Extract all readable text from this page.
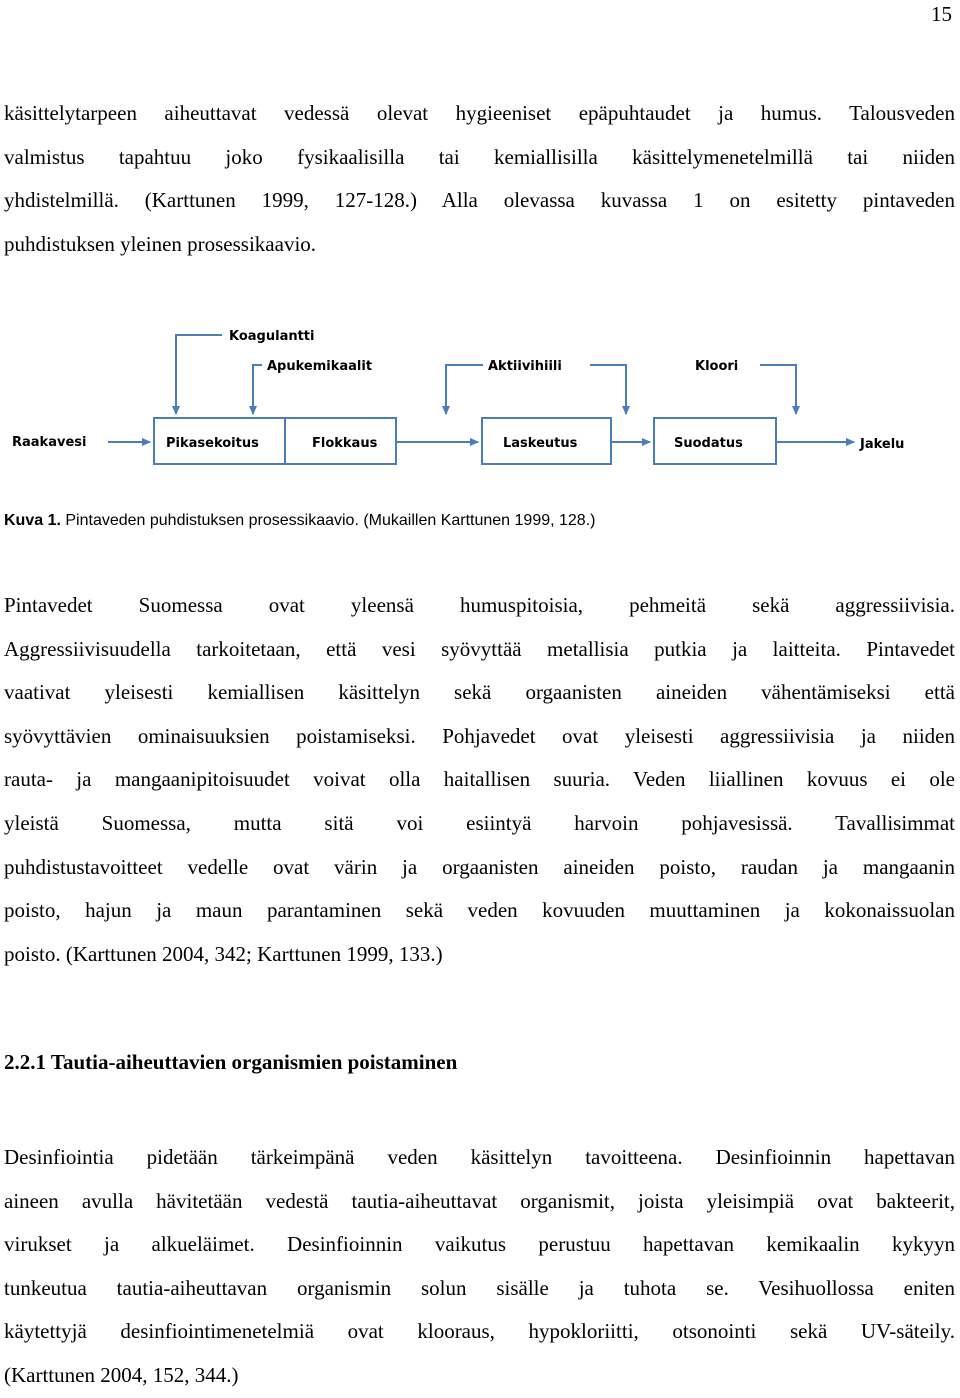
15
käsittelytarpeen aiheuttavat vedessä olevat hygieeniset epäpuhtaudet ja humus. Talousveden
valmistus tapahtuu joko fysikaalisilla tai kemiallisilla käsittelymenetelmillä tai niiden
yhdistelmillä. (Karttunen 1999, 127-128.) Alla olevassa kuvassa 1 on esitetty pintaveden
puhdistuksen yleinen prosessikaavio.
Koagulantti
Apukemikaalit	Aktiivihiili	Kloori
Raakavesi	Pikasekoitus	Flokkaus	Laskeutus	Suodatus	Jakelu
Kuva 1. Pintaveden puhdistuksen prosessikaavio. (Mukaillen Karttunen 1999, 128.)
Pintavedet Suomessa ovat yleensä humuspitoisia, pehmeitä sekä aggressiivisia.
Aggressiivisuudella tarkoitetaan, että vesi syövyttää metallisia putkia ja laitteita. Pintavedet
vaativat yleisesti kemiallisen käsittelyn sekä orgaanisten aineiden vähentämiseksi että
syövyttävien ominaisuuksien poistamiseksi. Pohjavedet ovat yleisesti aggressiivisia ja niiden
rauta- ja mangaanipitoisuudet voivat olla haitallisen suuria. Veden liiallinen kovuus ei ole
yleistä Suomessa, mutta sitä voi esiintyä harvoin pohjavesissä. Tavallisimmat
puhdistustavoitteet vedelle ovat värin ja orgaanisten aineiden poisto, raudan ja mangaanin
poisto, hajun ja maun parantaminen sekä veden kovuuden muuttaminen ja kokonaissuolan
poisto. (Karttunen 2004, 342; Karttunen 1999, 133.)
2.2.1 Tautia-aiheuttavien organismien poistaminen
Desinfiointia pidetään tärkeimpänä veden käsittelyn tavoitteena. Desinfioinnin hapettavan
aineen avulla hävitetään vedestä tautia-aiheuttavat organismit, joista yleisimpiä ovat bakteerit,
virukset ja alkueläimet. Desinfioinnin vaikutus perustuu hapettavan kemikaalin kykyyn
tunkeutua tautia-aiheuttavan organismin solun sisälle ja tuhota se. Vesihuollossa eniten
käytettyjä desinfiointimenetelmiä ovat klooraus, hypokloriitti, otsonointi sekä UV-säteily.
(Karttunen 2004, 152, 344.)
